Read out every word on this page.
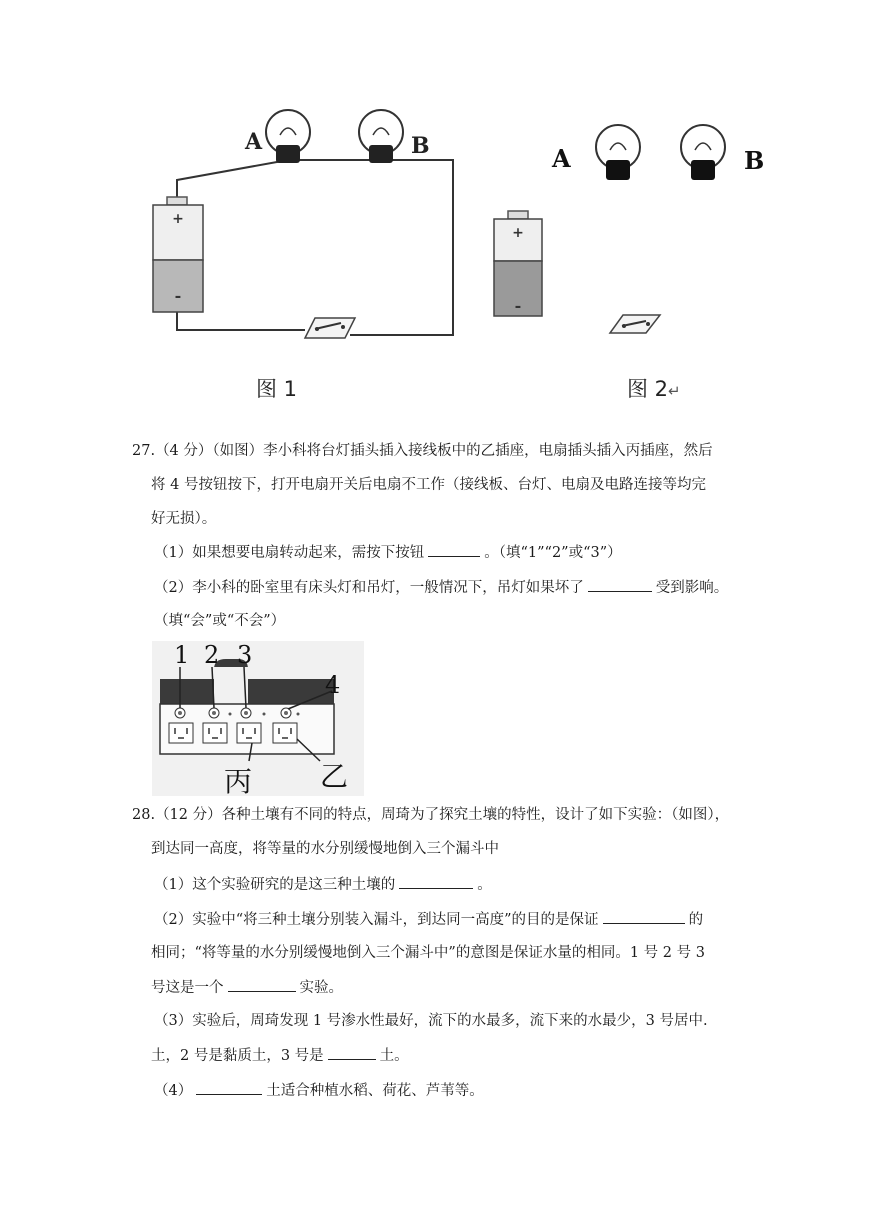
+
-
A	B
图 1
+
-
A	B
图 2↵
27.（4 分）（如图）李小科将台灯插头插入接线板中的乙插座，电扇插头插入丙插座，然后
将 4 号按钮按下，打开电扇开关后电扇不工作（接线板、台灯、电扇及电路连接等均完
好无损）。
（1）如果想要电扇转动起来，需按下按钮	。（填“1”“2”或“3”）
（2）李小科的卧室里有床头灯和吊灯，一般情况下，吊灯如果坏了	受到影响。
（填“会”或“不会”）
1 2 3
4
丙 乙
28.（12 分）各种土壤有不同的特点，周琦为了探究土壤的特性，设计了如下实验：（如图），
到达同一高度，将等量的水分别缓慢地倒入三个漏斗中
（1）这个实验研究的是这三种土壤的	。
（2）实验中“将三种土壤分别装入漏斗，到达同一高度”的目的是保证	的
相同；“将等量的水分别缓慢地倒入三个漏斗中”的意图是保证水量的相同。1 号 2 号 3
号这是一个	实验。
（3）实验后，周琦发现 1 号渗水性最好，流下的水最多，流下来的水最少，3 号居中.
土，2 号是黏质土，3 号是	土。
（4）	土适合种植水稻、荷花、芦苇等。
